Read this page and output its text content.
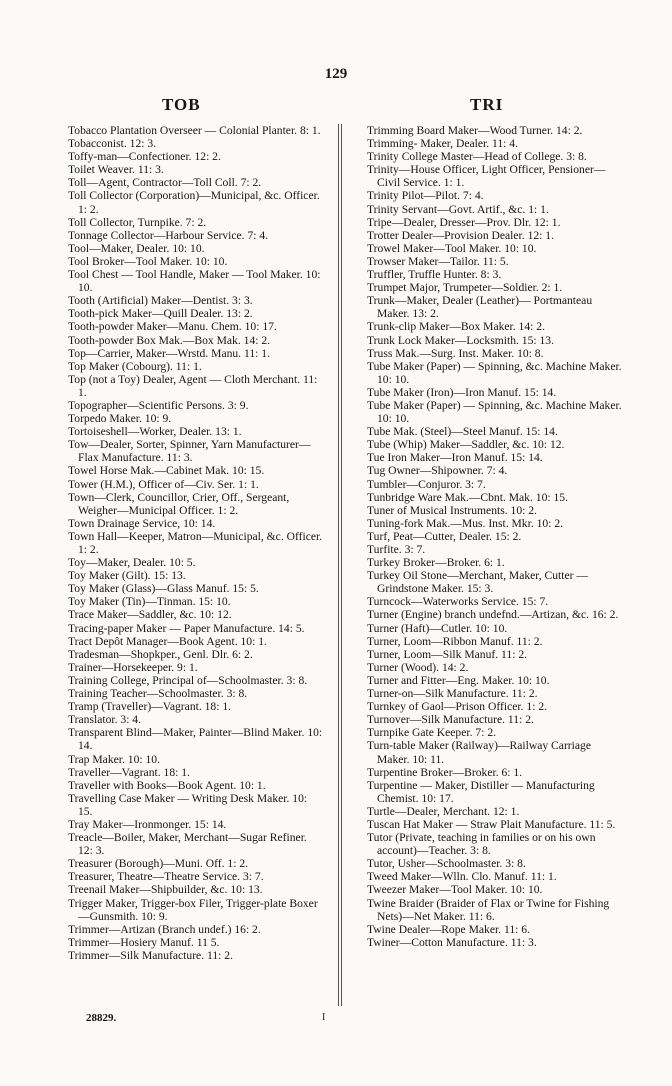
129
TOB	TRI
Tobacco Plantation Overseer — Colonial Planter. 8: 1.
Tobacconist. 12: 3.
Toffy-man—Confectioner. 12: 2.
Toilet Weaver. 11: 3.
Toll—Agent, Contractor—Toll Coll. 7: 2.
Toll Collector (Corporation)—Municipal, &c. Officer. 1: 2.
Toll Collector, Turnpike. 7: 2.
Tonnage Collector—Harbour Service. 7: 4.
Tool—Maker, Dealer. 10: 10.
Tool Broker—Tool Maker. 10: 10.
Tool Chest — Tool Handle, Maker — Tool Maker. 10: 10.
Tooth (Artificial) Maker—Dentist. 3: 3.
Tooth-pick Maker—Quill Dealer. 13: 2.
Tooth-powder Maker—Manu. Chem. 10: 17.
Tooth-powder Box Mak.—Box Mak. 14: 2.
Top—Carrier, Maker—Wrstd. Manu. 11: 1.
Top Maker (Cobourg). 11: 1.
Top (not a Toy) Dealer, Agent — Cloth Merchant. 11: 1.
Topographer—Scientific Persons. 3: 9.
Torpedo Maker. 10: 9.
Tortoiseshell—Worker, Dealer. 13: 1.
Tow—Dealer, Sorter, Spinner, Yarn Manufacturer—Flax Manufacture. 11: 3.
Towel Horse Mak.—Cabinet Mak. 10: 15.
Tower (H.M.), Officer of—Civ. Ser. 1: 1.
Town—Clerk, Councillor, Crier, Off., Sergeant, Weigher—Municipal Officer. 1: 2.
Town Drainage Service, 10: 14.
Town Hall—Keeper, Matron—Municipal, &c. Officer. 1: 2.
Toy—Maker, Dealer. 10: 5.
Toy Maker (Gilt). 15: 13.
Toy Maker (Glass)—Glass Manuf. 15: 5.
Toy Maker (Tin)—Tinman. 15: 10.
Trace Maker—Saddler, &c. 10: 12.
Tracing-paper Maker — Paper Manufacture. 14: 5.
Tract Depôt Manager—Book Agent. 10: 1.
Tradesman—Shopkper., Genl. Dlr. 6: 2.
Trainer—Horsekeeper. 9: 1.
Training College, Principal of—Schoolmaster. 3: 8.
Training Teacher—Schoolmaster. 3: 8.
Tramp (Traveller)—Vagrant. 18: 1.
Translator. 3: 4.
Transparent Blind—Maker, Painter—Blind Maker. 10: 14.
Trap Maker. 10: 10.
Traveller—Vagrant. 18: 1.
Traveller with Books—Book Agent. 10: 1.
Travelling Case Maker — Writing Desk Maker. 10: 15.
Tray Maker—Ironmonger. 15: 14.
Treacle—Boiler, Maker, Merchant—Sugar Refiner. 12: 3.
Treasurer (Borough)—Muni. Off. 1: 2.
Treasurer, Theatre—Theatre Service. 3: 7.
Treenail Maker—Shipbuilder, &c. 10: 13.
Trigger Maker, Trigger-box Filer, Trigger-plate Boxer—Gunsmith. 10: 9.
Trimmer—Artizan (Branch undef.) 16: 2.
Trimmer—Hosiery Manuf. 11 5.
Trimmer—Silk Manufacture. 11: 2.
Trimming Board Maker—Wood Turner. 14: 2.
Trimming- Maker, Dealer. 11: 4.
Trinity College Master—Head of College. 3: 8.
Trinity—House Officer, Light Officer, Pensioner—Civil Service. 1: 1.
Trinity Pilot—Pilot. 7: 4.
Trinity Servant—Govt. Artif., &c. 1: 1.
Tripe—Dealer, Dresser—Prov. Dlr. 12: 1.
Trotter Dealer—Provision Dealer. 12: 1.
Trowel Maker—Tool Maker. 10: 10.
Trowser Maker—Tailor. 11: 5.
Truffler, Truffle Hunter. 8: 3.
Trumpet Major, Trumpeter—Soldier. 2: 1.
Trunk—Maker, Dealer (Leather)— Portmanteau Maker. 13: 2.
Trunk-clip Maker—Box Maker. 14: 2.
Trunk Lock Maker—Locksmith. 15: 13.
Truss Mak.—Surg. Inst. Maker. 10: 8.
Tube Maker (Paper) — Spinning, &c. Machine Maker. 10: 10.
Tube Maker (Iron)—Iron Manuf. 15: 14.
Tube Maker (Paper) — Spinning, &c. Machine Maker. 10: 10.
Tube Mak. (Steel)—Steel Manuf. 15: 14.
Tube (Whip) Maker—Saddler, &c. 10: 12.
Tue Iron Maker—Iron Manuf. 15: 14.
Tug Owner—Shipowner. 7: 4.
Tumbler—Conjuror. 3: 7.
Tunbridge Ware Mak.—Cbnt. Mak. 10: 15.
Tuner of Musical Instruments. 10: 2.
Tuning-fork Mak.—Mus. Inst. Mkr. 10: 2.
Turf, Peat—Cutter, Dealer. 15: 2.
Turfite. 3: 7.
Turkey Broker—Broker. 6: 1.
Turkey Oil Stone—Merchant, Maker, Cutter —Grindstone Maker. 15: 3.
Turncock—Waterworks Service. 15: 7.
Turner (Engine) branch undefnd.—Artizan, &c. 16: 2.
Turner (Haft)—Cutler. 10: 10.
Turner, Loom—Ribbon Manuf. 11: 2.
Turner, Loom—Silk Manuf. 11: 2.
Turner (Wood). 14: 2.
Turner and Fitter—Eng. Maker. 10: 10.
Turner-on—Silk Manufacture. 11: 2.
Turnkey of Gaol—Prison Officer. 1: 2.
Turnover—Silk Manufacture. 11: 2.
Turnpike Gate Keeper. 7: 2.
Turn-table Maker (Railway)—Railway Carriage Maker. 10: 11.
Turpentine Broker—Broker. 6: 1.
Turpentine — Maker, Distiller — Manufacturing Chemist. 10: 17.
Turtle—Dealer, Merchant. 12: 1.
Tuscan Hat Maker — Straw Plait Manufacture. 11: 5.
Tutor (Private, teaching in families or on his own account)—Teacher. 3: 8.
Tutor, Usher—Schoolmaster. 3: 8.
Tweed Maker—Wlln. Clo. Manuf. 11: 1.
Tweezer Maker—Tool Maker. 10: 10.
Twine Braider (Braider of Flax or Twine for Fishing Nets)—Net Maker. 11: 6.
Twine Dealer—Rope Maker. 11: 6.
Twiner—Cotton Manufacture. 11: 3.
28829.	I
